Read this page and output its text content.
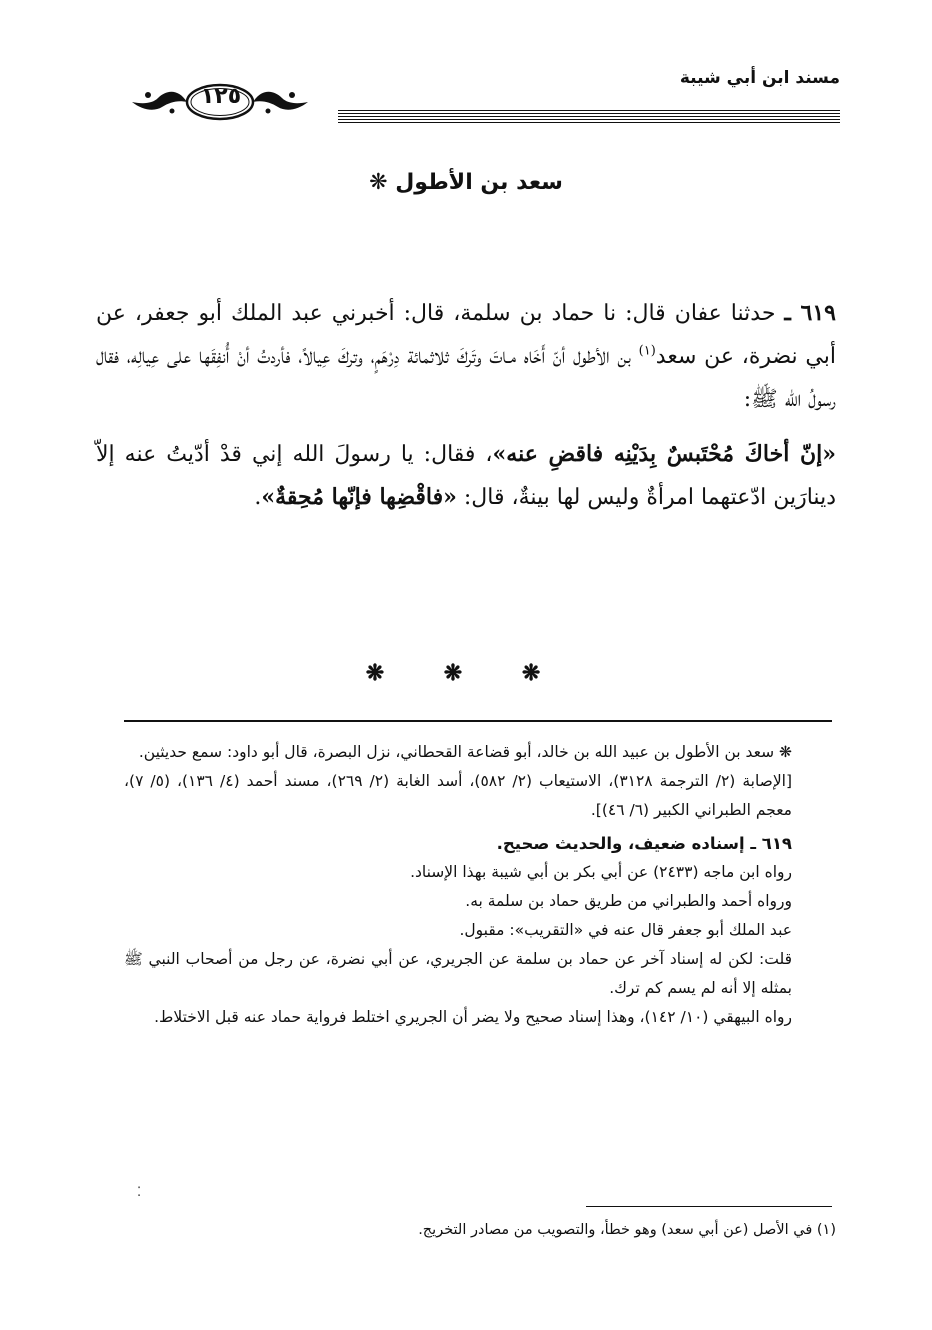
مسند ابن أبي شيبة
١٢٥
سعد بن الأطول ❋

٦١٩ ـ حدثنا عفان قال: نا حماد بن سلمة، قال: أخبرني عبد الملك أبو جعفر، عن أبي نضرة، عن سعد$^{(١)}$ بن الأطول أنّ أَخَاه مـاتَ وتَركَ ثلاثمائة دِرْهَمٍ، وتركَ عِيالاً، فأردتُ أنْ أُنفِقَها على عِيالِه، فقال رسولُ الله ﷺ:

«إنّ أخاكَ مُحْتَبسٌ بِدَيْنِه فاقضِ عنه»، فقال: يا رسولَ الله إني قدْ أدّيتُ عنه إلاّ دينارَين ادّعتهما امرأةٌ وليس لها بينةٌ، قال: «فاقْضِها فإنّها مُحِقةٌ».

❋ ❋ ❋

❋ سعد بن الأطول بن عبيد الله بن خالد، أبو قضاعة القحطاني، نزل البصرة، قال أبو داود: سمع حديثين.

[الإصابة (٢/ الترجمة ٣١٢٨)، الاستيعاب (٢/ ٥٨٢)، أسد الغابة (٢/ ٢٦٩)، مسند أحمد (٤/ ١٣٦)، (٥/ ٧)، معجم الطبراني الكبير (٦/ ٤٦)].

٦١٩ ـ إسناده ضعيف، والحديث صحيح.

رواه ابن ماجه (٢٤٣٣) عن أبي بكر بن أبي شيبة بهذا الإسناد.

ورواه أحمد والطبراني من طريق حماد بن سلمة به.

عبد الملك أبو جعفر قال عنه في «التقريب»: مقبول.

قلت: لكن له إسناد آخر عن حماد بن سلمة عن الجريري، عن أبي نضرة، عن رجل من أصحاب النبي ﷺ بمثله إلا أنه لم يسم كم ترك.

رواه البيهقي (١٠/ ١٤٢)، وهذا إسناد صحيح ولا يضر أن الجريري اختلط فرواية حماد عنه قبل الاختلاط.

⁚
(١) في الأصل (عن أبي سعد) وهو خطأ، والتصويب من مصادر التخريج.
